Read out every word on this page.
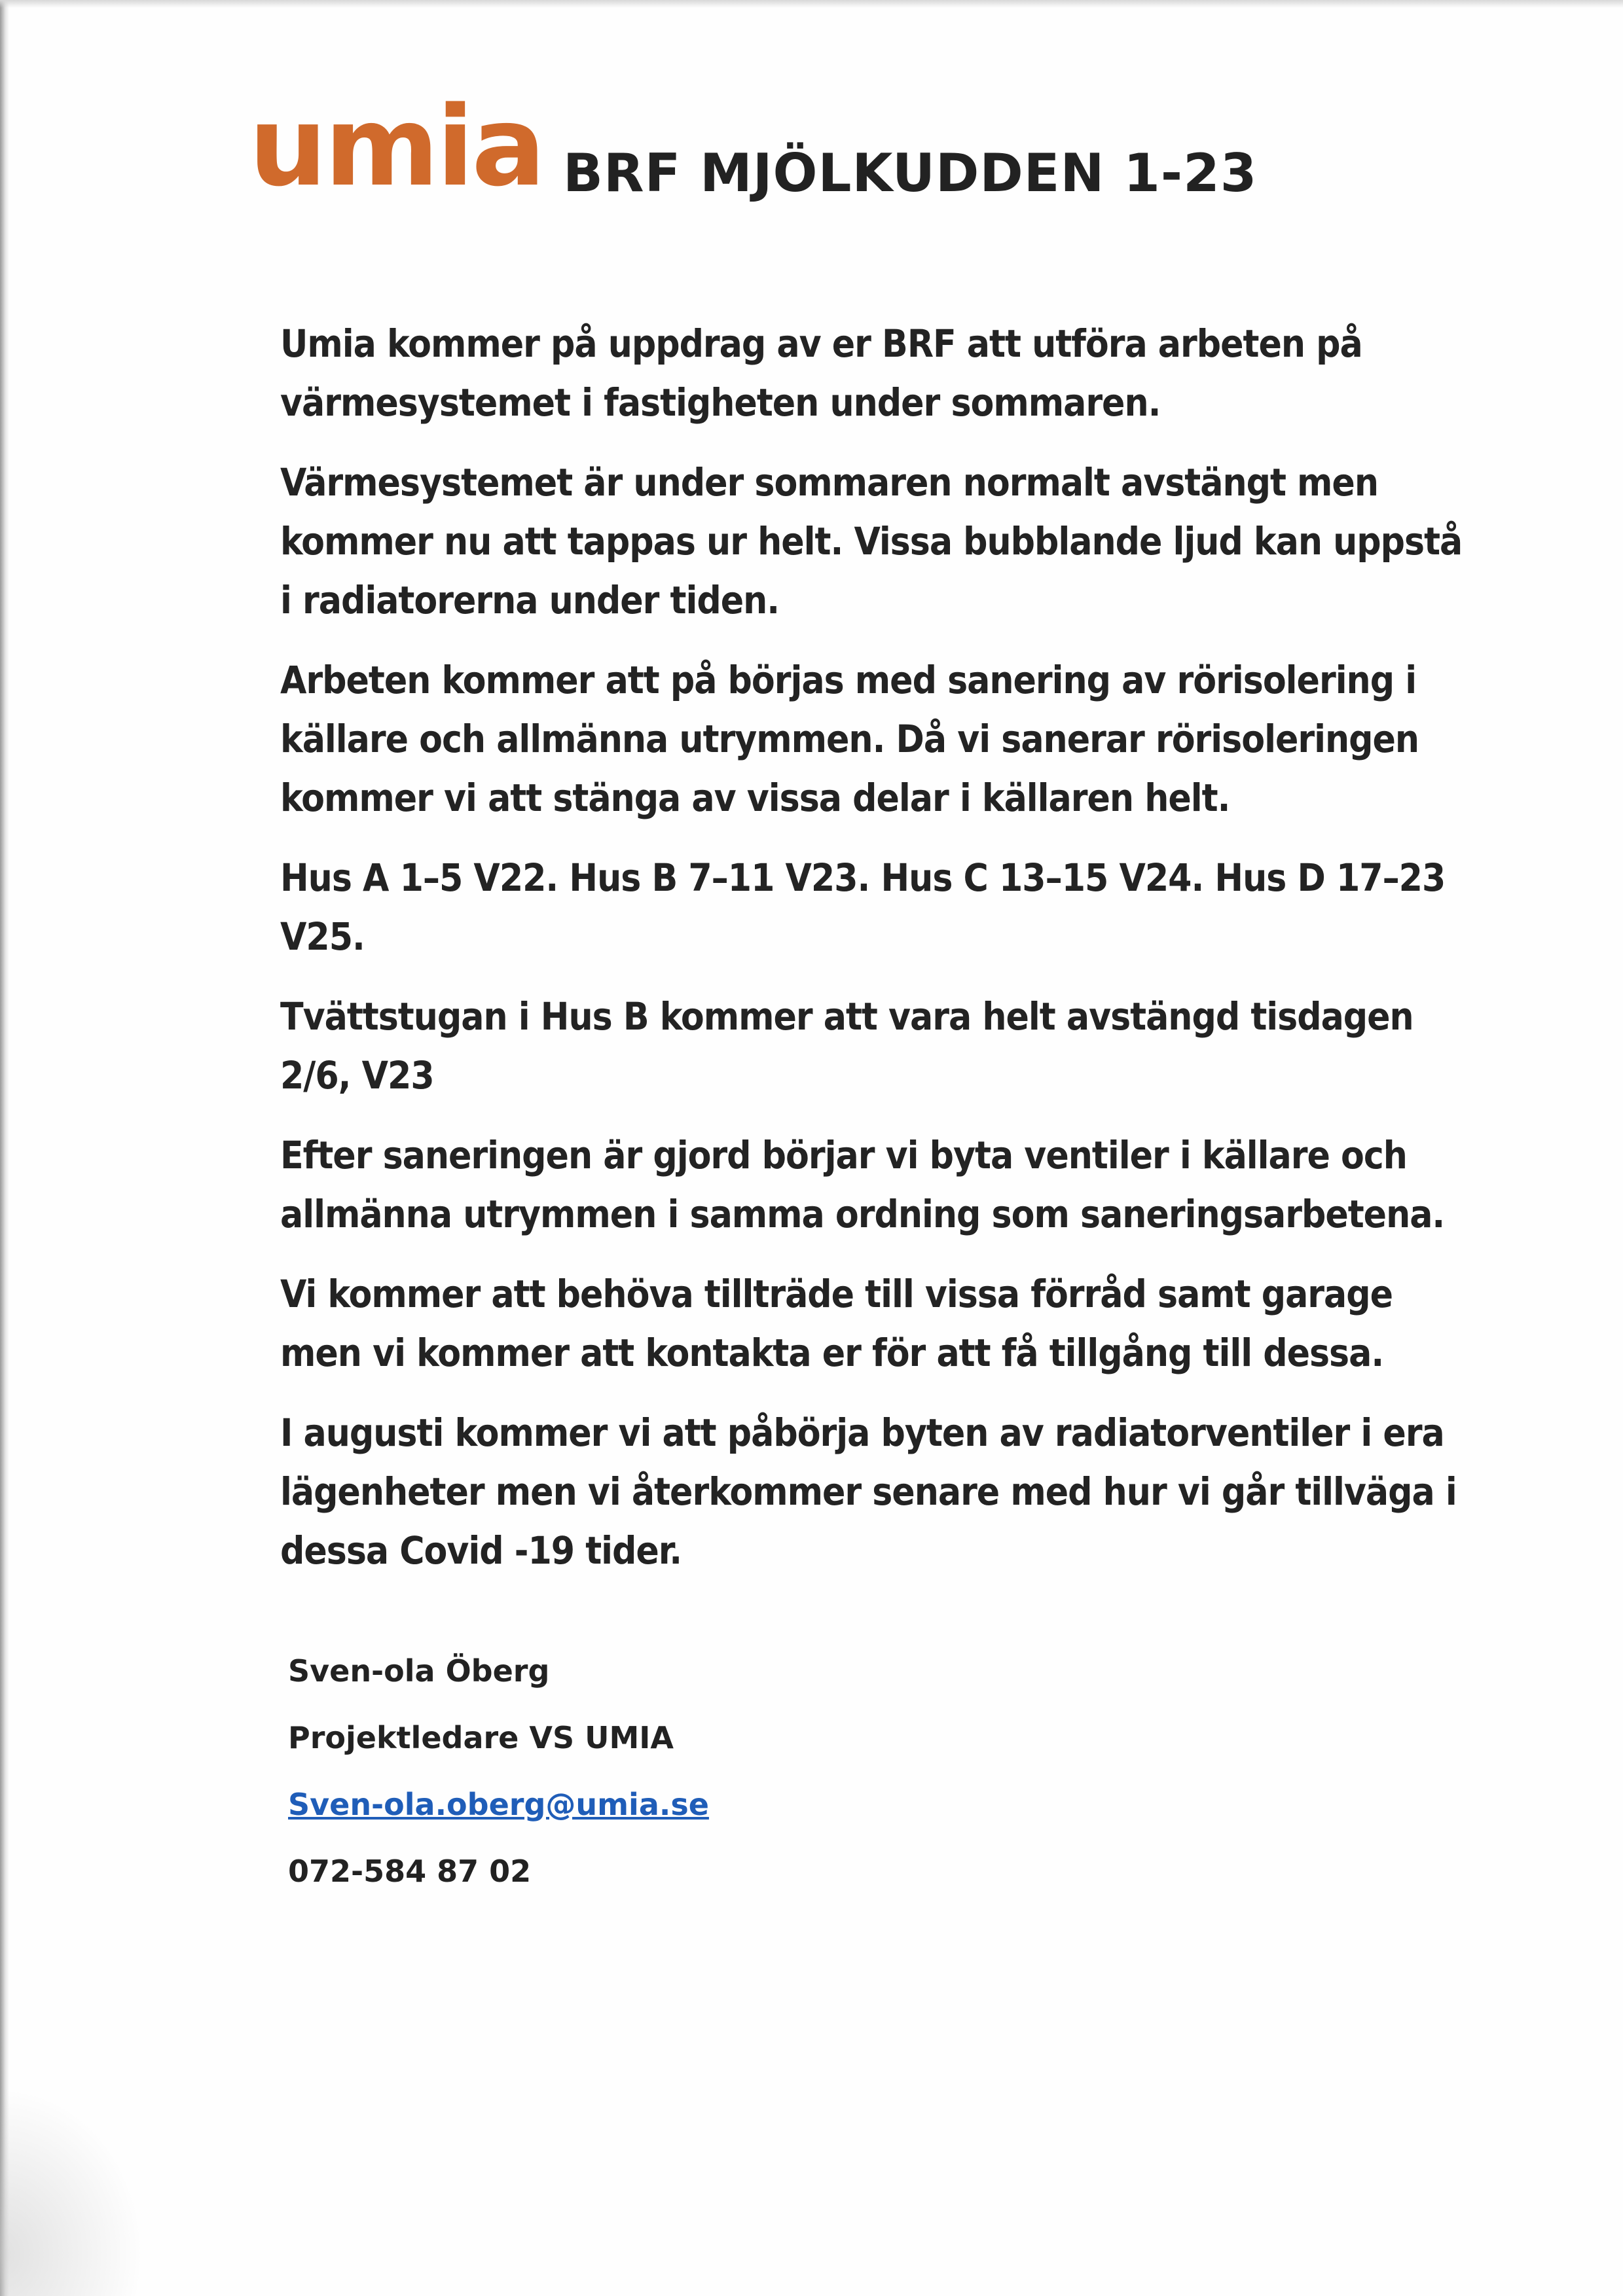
umia BRF MJÖLKUDDEN 1-23

Umia kommer på uppdrag av er BRF att utföra arbeten på värmesystemet i fastigheten under sommaren.

Värmesystemet är under sommaren normalt avstängt men kommer nu att tappas ur helt. Vissa bubblande ljud kan uppstå i radiatorerna under tiden.

Arbeten kommer att på börjas med sanering av rörisolering i källare och allmänna utrymmen. Då vi sanerar rörisoleringen kommer vi att stänga av vissa delar i källaren helt.

Hus A 1–5 V22. Hus B 7–11 V23. Hus C 13–15 V24. Hus D 17–23 V25.

Tvättstugan i Hus B kommer att vara helt avstängd tisdagen 2/6, V23

Efter saneringen är gjord börjar vi byta ventiler i källare och allmänna utrymmen i samma ordning som saneringsarbetena.

Vi kommer att behöva tillträde till vissa förråd samt garage men vi kommer att kontakta er för att få tillgång till dessa.

I augusti kommer vi att påbörja byten av radiatorventiler i era lägenheter men vi återkommer senare med hur vi går tillväga i dessa Covid -19 tider.

Sven-ola Öberg
Projektledare VS UMIA
Sven-ola.oberg@umia.se
072-584 87 02
